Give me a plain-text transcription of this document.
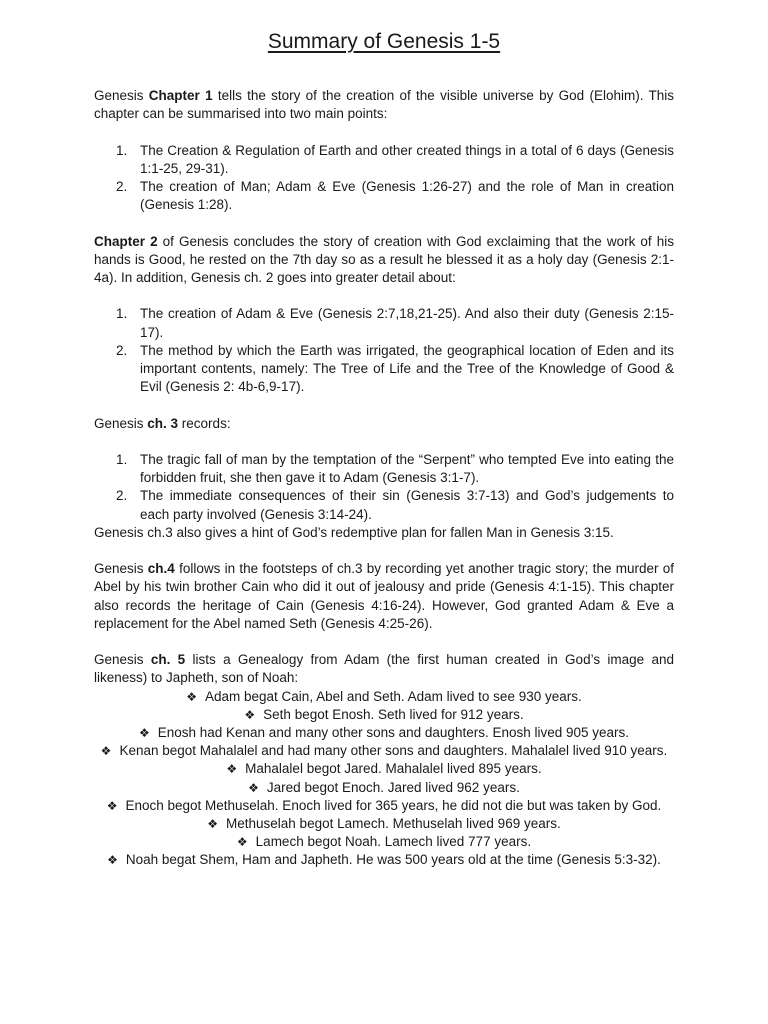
Summary of Genesis 1-5

Genesis Chapter 1 tells the story of the creation of the visible universe by God (Elohim). This chapter can be summarised into two main points:

1. The Creation & Regulation of Earth and other created things in a total of 6 days (Genesis 1:1-25, 29-31).
2. The creation of Man; Adam & Eve (Genesis 1:26-27) and the role of Man in creation (Genesis 1:28).

Chapter 2 of Genesis concludes the story of creation with God exclaiming that the work of his hands is Good, he rested on the 7th day so as a result he blessed it as a holy day (Genesis 2:1-4a). In addition, Genesis ch. 2 goes into greater detail about:

1. The creation of Adam & Eve (Genesis 2:7,18,21-25). And also their duty (Genesis 2:15-17).
2. The method by which the Earth was irrigated, the geographical location of Eden and its important contents, namely: The Tree of Life and the Tree of the Knowledge of Good & Evil (Genesis 2: 4b-6,9-17).

Genesis ch. 3 records:

1. The tragic fall of man by the temptation of the “Serpent” who tempted Eve into eating the forbidden fruit, she then gave it to Adam (Genesis 3:1-7).
2. The immediate consequences of their sin (Genesis 3:7-13) and God’s judgements to each party involved (Genesis 3:14-24).

Genesis ch.3 also gives a hint of God’s redemptive plan for fallen Man in Genesis 3:15.

Genesis ch.4 follows in the footsteps of ch.3 by recording yet another tragic story; the murder of Abel by his twin brother Cain who did it out of jealousy and pride (Genesis 4:1-15). This chapter also records the heritage of Cain (Genesis 4:16-24). However, God granted Adam & Eve a replacement for the Abel named Seth (Genesis 4:25-26).

Genesis ch. 5 lists a Genealogy from Adam (the first human created in God’s image and likeness) to Japheth, son of Noah:

❖ Adam begat Cain, Abel and Seth. Adam lived to see 930 years.
❖ Seth begot Enosh. Seth lived for 912 years.
❖ Enosh had Kenan and many other sons and daughters. Enosh lived 905 years.
❖ Kenan begot Mahalalel and had many other sons and daughters. Mahalalel lived 910 years.
❖ Mahalalel begot Jared. Mahalalel lived 895 years.
❖ Jared begot Enoch. Jared lived 962 years.
❖ Enoch begot Methuselah. Enoch lived for 365 years, he did not die but was taken by God.
❖ Methuselah begot Lamech. Methuselah lived 969 years.
❖ Lamech begot Noah. Lamech lived 777 years.
❖ Noah begat Shem, Ham and Japheth. He was 500 years old at the time (Genesis 5:3-32).
